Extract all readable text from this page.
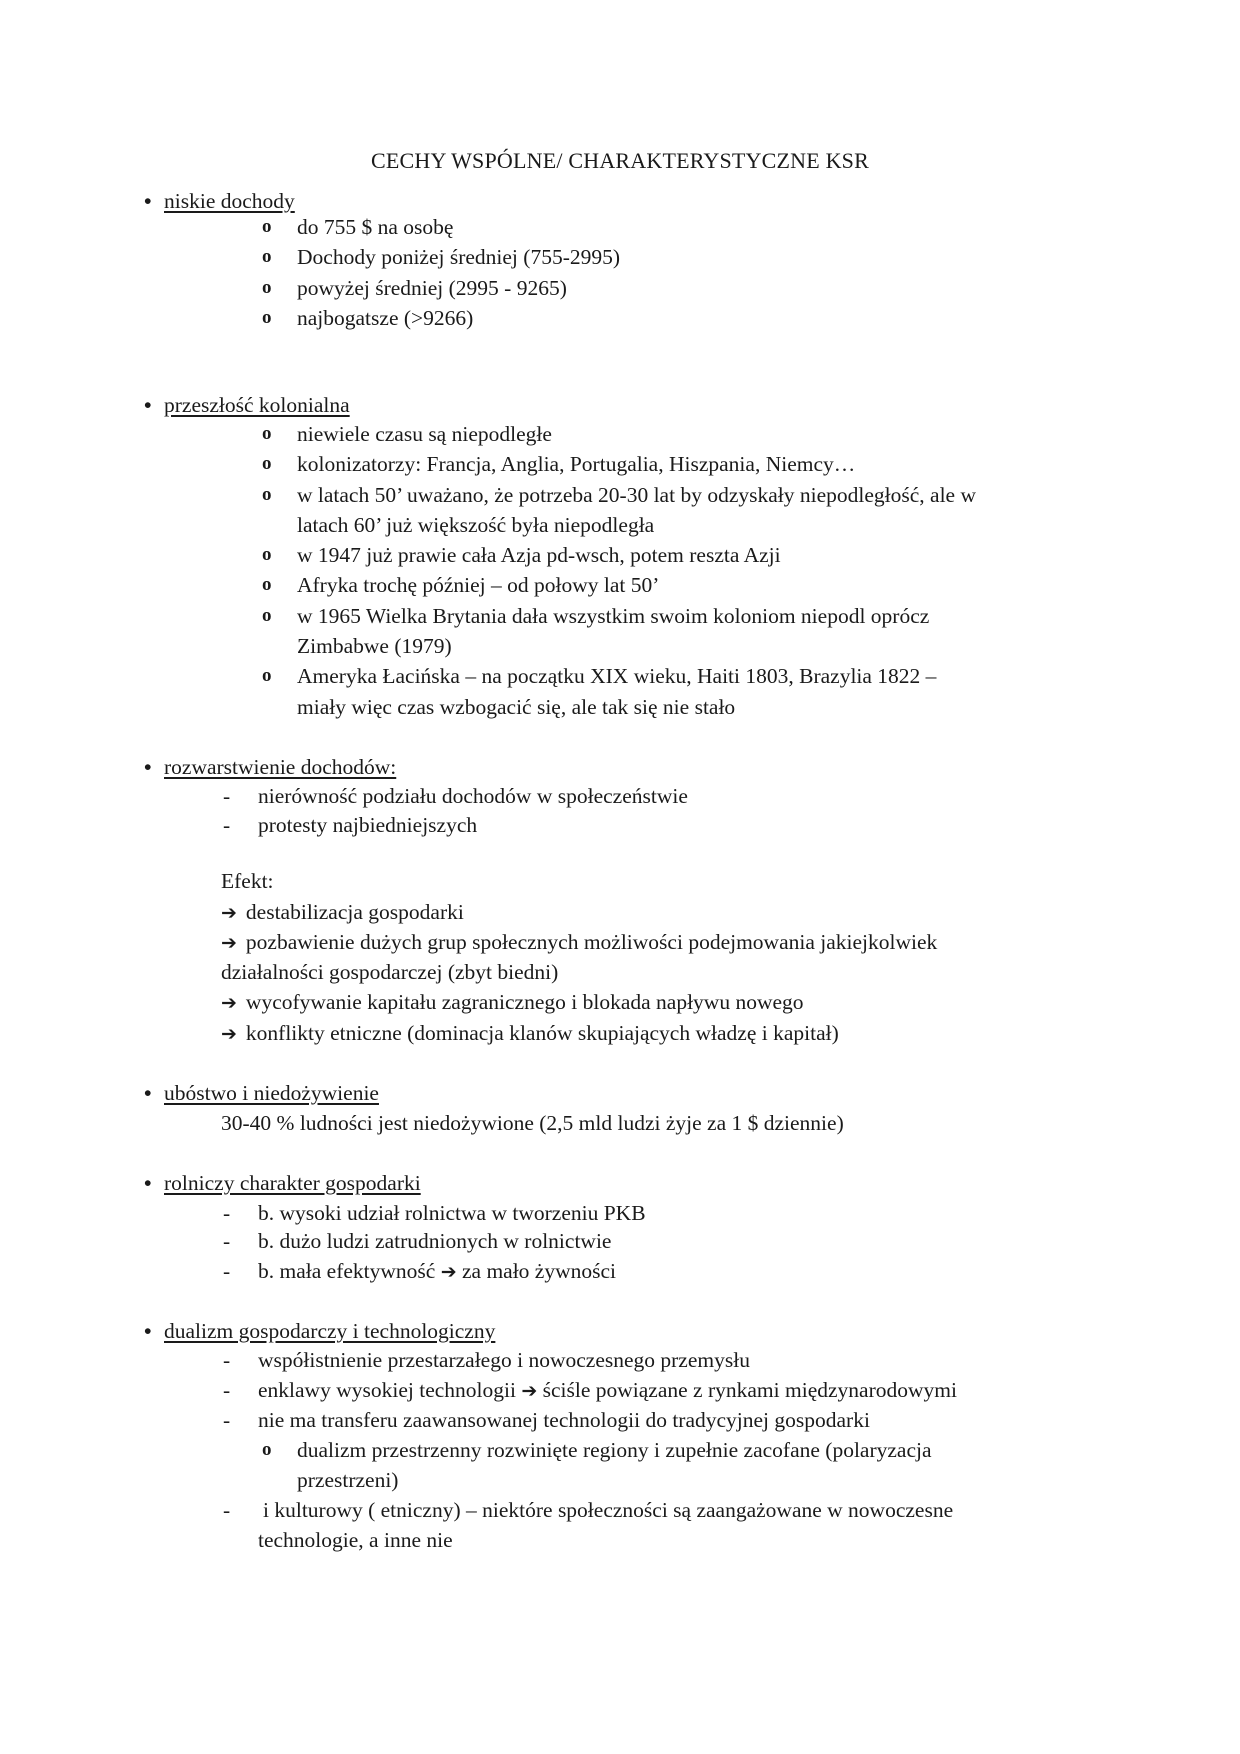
CECHY WSPÓLNE/ CHARAKTERYSTYCZNE KSR
• niskie dochody
o do 755 $ na osobę
o Dochody poniżej średniej (755-2995)
o powyżej średniej (2995 - 9265)
o najbogatsze (>9266)
• przeszłość kolonialna
o niewiele czasu są niepodległe
o kolonizatorzy: Francja, Anglia, Portugalia, Hiszpania, Niemcy…
o w latach 50’ uważano, że potrzeba 20-30 lat by odzyskały niepodległość, ale w
latach 60’ już większość była niepodległa
o w 1947 już prawie cała Azja pd-wsch, potem reszta Azji
o Afryka trochę później – od połowy lat 50’
o w 1965 Wielka Brytania dała wszystkim swoim koloniom niepodl oprócz
Zimbabwe (1979)
o Ameryka Łacińska – na początku XIX wieku, Haiti 1803, Brazylia 1822 –
miały więc czas wzbogacić się, ale tak się nie stało
• rozwarstwienie dochodów:
- nierówność podziału dochodów w społeczeństwie
- protesty najbiedniejszych
Efekt:
➔ destabilizacja gospodarki
➔ pozbawienie dużych grup społecznych możliwości podejmowania jakiejkolwiek
działalności gospodarczej (zbyt biedni)
➔ wycofywanie kapitału zagranicznego i blokada napływu nowego
➔ konflikty etniczne (dominacja klanów skupiających władzę i kapitał)
• ubóstwo i niedożywienie
30-40 % ludności jest niedożywione (2,5 mld ludzi żyje za 1 $ dziennie)
• rolniczy charakter gospodarki
- b. wysoki udział rolnictwa w tworzeniu PKB
- b. dużo ludzi zatrudnionych w rolnictwie
- b. mała efektywność ➔ za mało żywności
• dualizm gospodarczy i technologiczny
- współistnienie przestarzałego i nowoczesnego przemysłu
- enklawy wysokiej technologii ➔ ściśle powiązane z rynkami międzynarodowymi
- nie ma transferu zaawansowanej technologii do tradycyjnej gospodarki
o dualizm przestrzenny rozwinięte regiony i zupełnie zacofane (polaryzacja
przestrzeni)
- i kulturowy ( etniczny) – niektóre społeczności są zaangażowane w nowoczesne
technologie, a inne nie
